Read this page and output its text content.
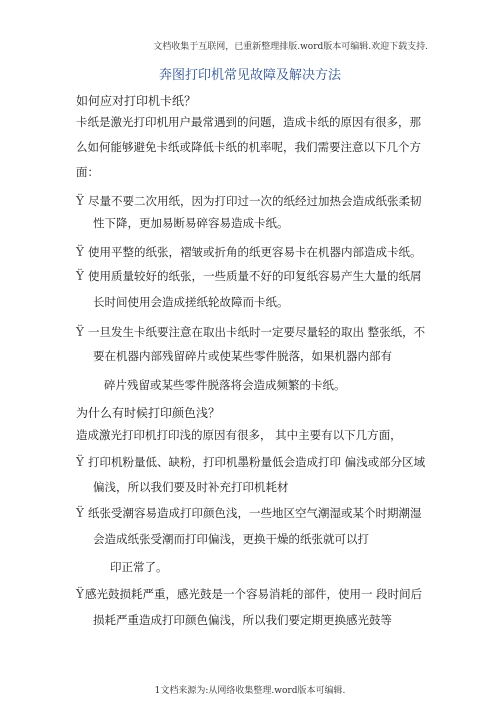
文档收集于互联网，已重新整理排版.word版本可编辑.欢迎下载支持.
奔图打印机常见故障及解决方法
如何应对打印机卡纸？
卡纸是激光打印机用户最常遇到的问题，造成卡纸的原因有很多，那
么如何能够避免卡纸或降低卡纸的机率呢，我们需要注意以下几个方
面：
Ÿ 尽量不要二次用纸，因为打印过一次的纸经过加热会造成纸张柔韧
性下降，更加易断易碎容易造成卡纸。
Ÿ 使用平整的纸张，褶皱或折角的纸更容易卡在机器内部造成卡纸。
Ÿ 使用质量较好的纸张，一些质量不好的印复纸容易产生大量的纸屑
长时间使用会造成搓纸轮故障而卡纸。
Ÿ 一旦发生卡纸要注意在取出卡纸时一定要尽量轻的取出 整张纸，不
要在机器内部残留碎片或使某些零件脱落，如果机器内部有
碎片残留或某些零件脱落将会造成频繁的卡纸。
为什么有时候打印颜色浅？
造成激光打印机打印浅的原因有很多， 其中主要有以下几方面，
Ÿ 打印机粉量低、缺粉，打印机墨粉量低会造成打印 偏浅或部分区域
偏浅，所以我们要及时补充打印机耗材
Ÿ 纸张受潮容易造成打印颜色浅，一些地区空气潮湿或某个时期潮湿
会造成纸张受潮而打印偏浅，更换干燥的纸张就可以打
印正常了。
Ÿ 感光鼓损耗严重，感光鼓是一个容易消耗的部件，使用一 段时间后
损耗严重造成打印颜色偏浅，所以我们要定期更换感光鼓等
1文档来源为:从网络收集整理.word版本可编辑.
